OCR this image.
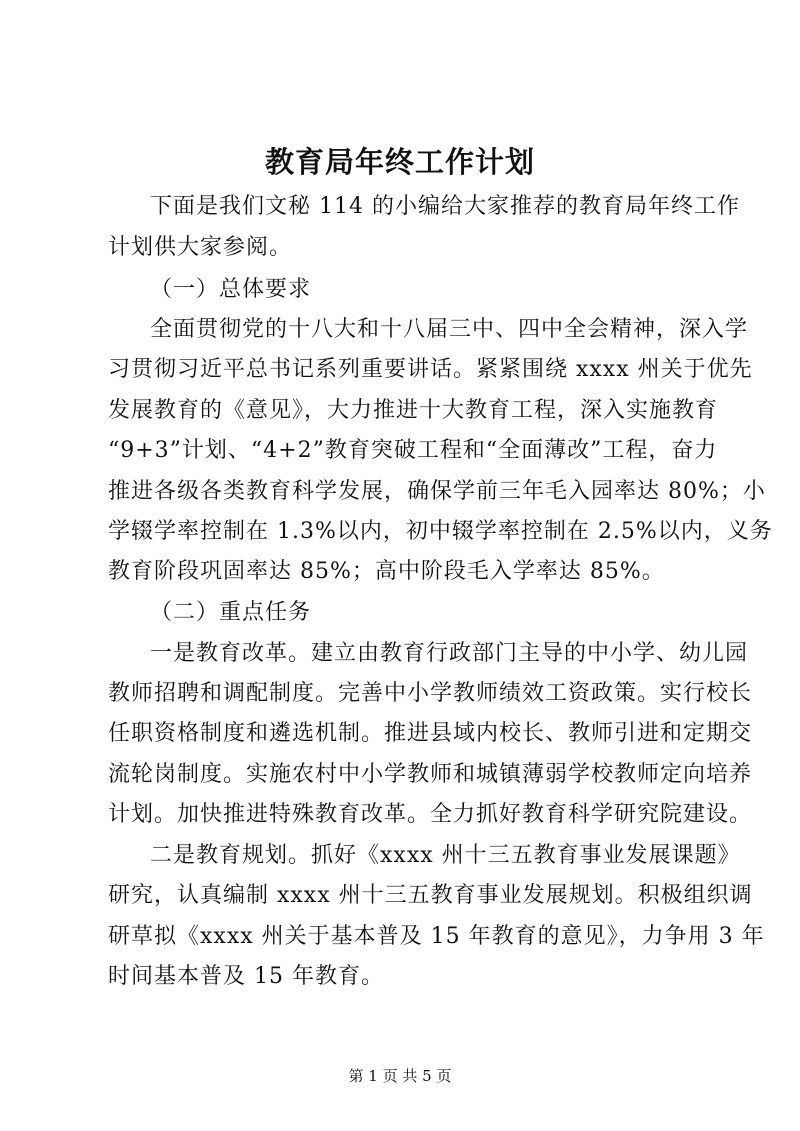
教育局年终工作计划
下面是我们文秘 114 的小编给大家推荐的教育局年终工作
计划供大家参阅。
（一）总体要求
全面贯彻党的十八大和十八届三中、四中全会精神，深入学
习贯彻习近平总书记系列重要讲话。紧紧围绕 xxxx 州关于优先
发展教育的《意见》，大力推进十大教育工程，深入实施教育
“9+3”计划、“4+2”教育突破工程和“全面薄改”工程，奋力
推进各级各类教育科学发展，确保学前三年毛入园率达 80%；小
学辍学率控制在 1.3%以内，初中辍学率控制在 2.5%以内，义务
教育阶段巩固率达 85%；高中阶段毛入学率达 85%。
（二）重点任务
一是教育改革。建立由教育行政部门主导的中小学、幼儿园
教师招聘和调配制度。完善中小学教师绩效工资政策。实行校长
任职资格制度和遴选机制。推进县域内校长、教师引进和定期交
流轮岗制度。实施农村中小学教师和城镇薄弱学校教师定向培养
计划。加快推进特殊教育改革。全力抓好教育科学研究院建设。
二是教育规划。抓好《xxxx 州十三五教育事业发展课题》
研究，认真编制 xxxx 州十三五教育事业发展规划。积极组织调
研草拟《xxxx 州关于基本普及 15 年教育的意见》，力争用 3 年
时间基本普及 15 年教育。
第 1 页 共 5 页
